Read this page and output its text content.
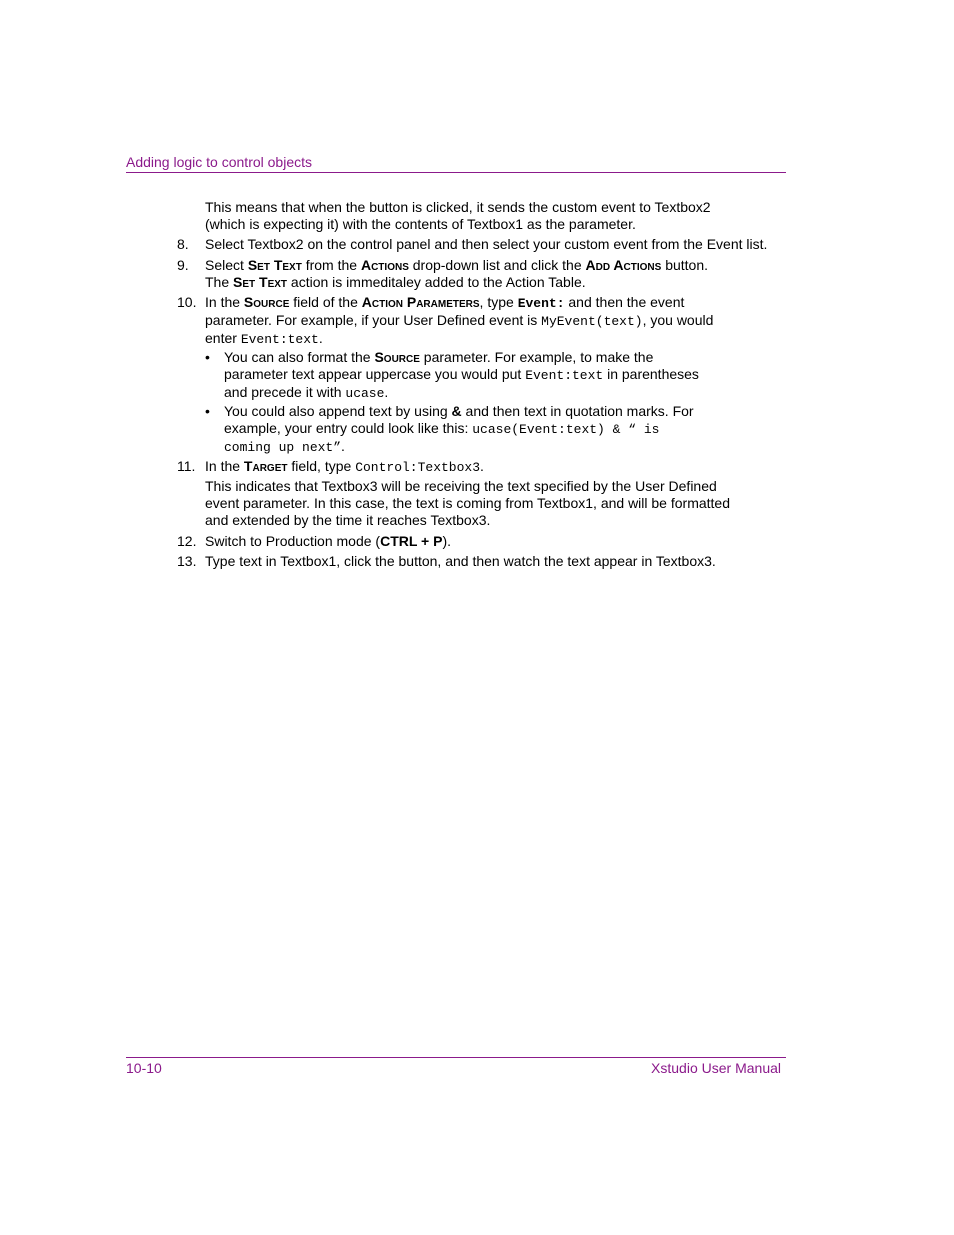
Adding logic to control objects
This means that when the button is clicked, it sends the custom event to Textbox2
(which is expecting it) with the contents of Textbox1 as the parameter.
8.	Select Textbox2 on the control panel and then select your custom event from the Event list.
9.	Select Set Text from the Actions drop-down list and click the Add Actions button.
The Set Text action is immeditaley added to the Action Table.
10. In the Source field of the Action Parameters, type Event: and then the event
parameter. For example, if your User Defined event is MyEvent(text), you would
enter Event:text.
• You can also format the Source parameter. For example, to make the
parameter text appear uppercase you would put Event:text in parentheses
and precede it with ucase.
• You could also append text by using & and then text in quotation marks. For
example, your entry could look like this: ucase(Event:text) & “ is
coming up next”.
11. In the Target field, type Control:Textbox3.
This indicates that Textbox3 will be receiving the text specified by the User Defined
event parameter. In this case, the text is coming from Textbox1, and will be formatted
and extended by the time it reaches Textbox3.
12. Switch to Production mode (CTRL + P).
13. Type text in Textbox1, click the button, and then watch the text appear in Textbox3.
10-10	Xstudio User Manual
